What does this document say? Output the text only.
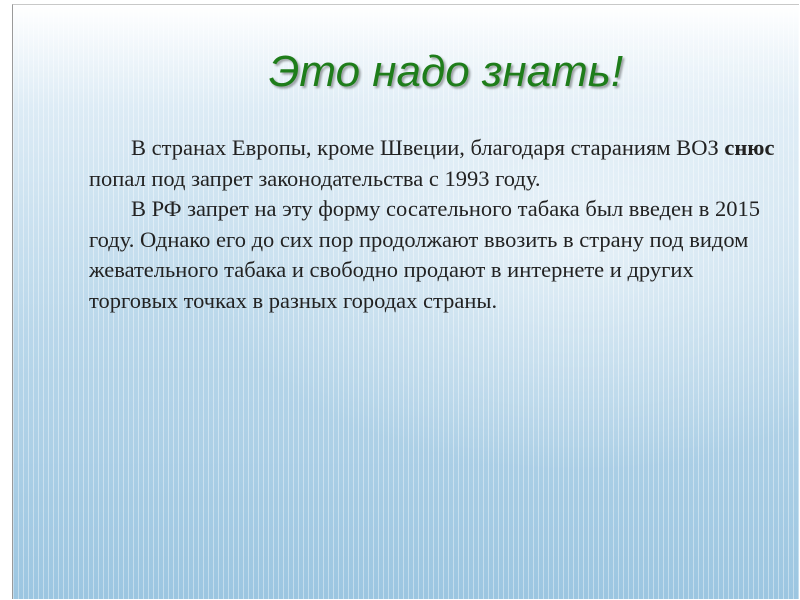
Это надо знать!

В странах Европы, кроме Швеции, благодаря стараниям ВОЗ снюс попал под запрет законодательства с 1993 году.

В РФ запрет на эту форму сосательного табака был введен в 2015 году. Однако его до сих пор продолжают ввозить в страну под видом жевательного табака и свободно продают в интернете и других торговых точках в разных городах страны.
